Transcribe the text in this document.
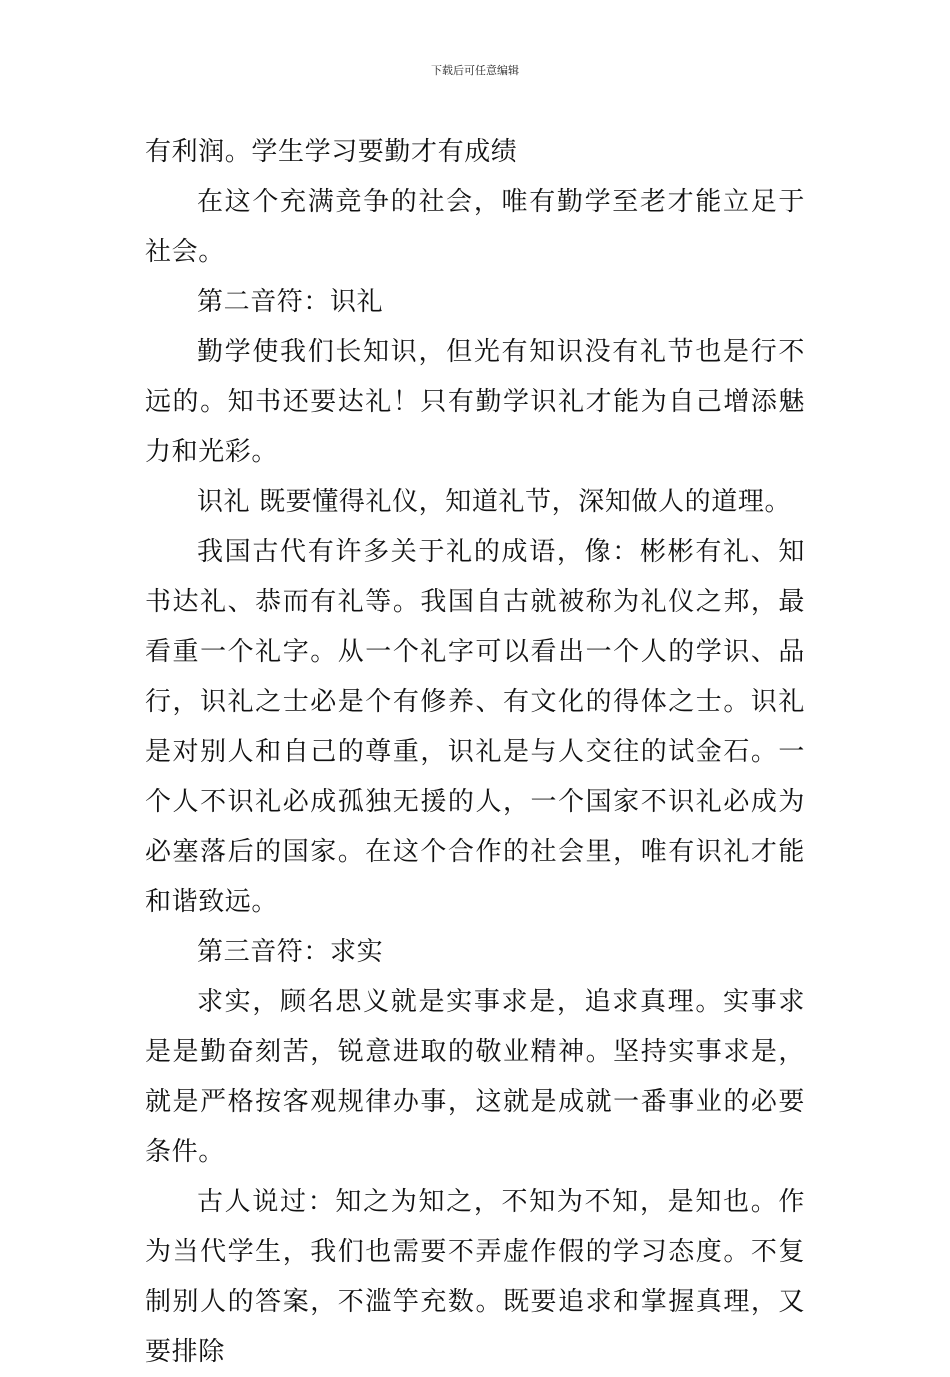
下载后可任意编辑

有利润。学生学习要勤才有成绩

在这个充满竞争的社会，唯有勤学至老才能立足于社会。

第二音符：识礼

勤学使我们长知识，但光有知识没有礼节也是行不远的。知书还要达礼！只有勤学识礼才能为自己增添魅力和光彩。

识礼 既要懂得礼仪，知道礼节，深知做人的道理。

我国古代有许多关于礼的成语，像：彬彬有礼、知书达礼、恭而有礼等。我国自古就被称为礼仪之邦，最看重一个礼字。从一个礼字可以看出一个人的学识、品行，识礼之士必是个有修养、有文化的得体之士。识礼是对别人和自己的尊重，识礼是与人交往的试金石。一个人不识礼必成孤独无援的人，一个国家不识礼必成为必塞落后的国家。在这个合作的社会里，唯有识礼才能和谐致远。

第三音符：求实

求实，顾名思义就是实事求是，追求真理。实事求是是勤奋刻苦，锐意进取的敬业精神。坚持实事求是，就是严格按客观规律办事，这就是成就一番事业的必要条件。

古人说过：知之为知之，不知为不知，是知也。作为当代学生，我们也需要不弄虚作假的学习态度。不复制别人的答案，不滥竽充数。既要追求和掌握真理，又要排除
